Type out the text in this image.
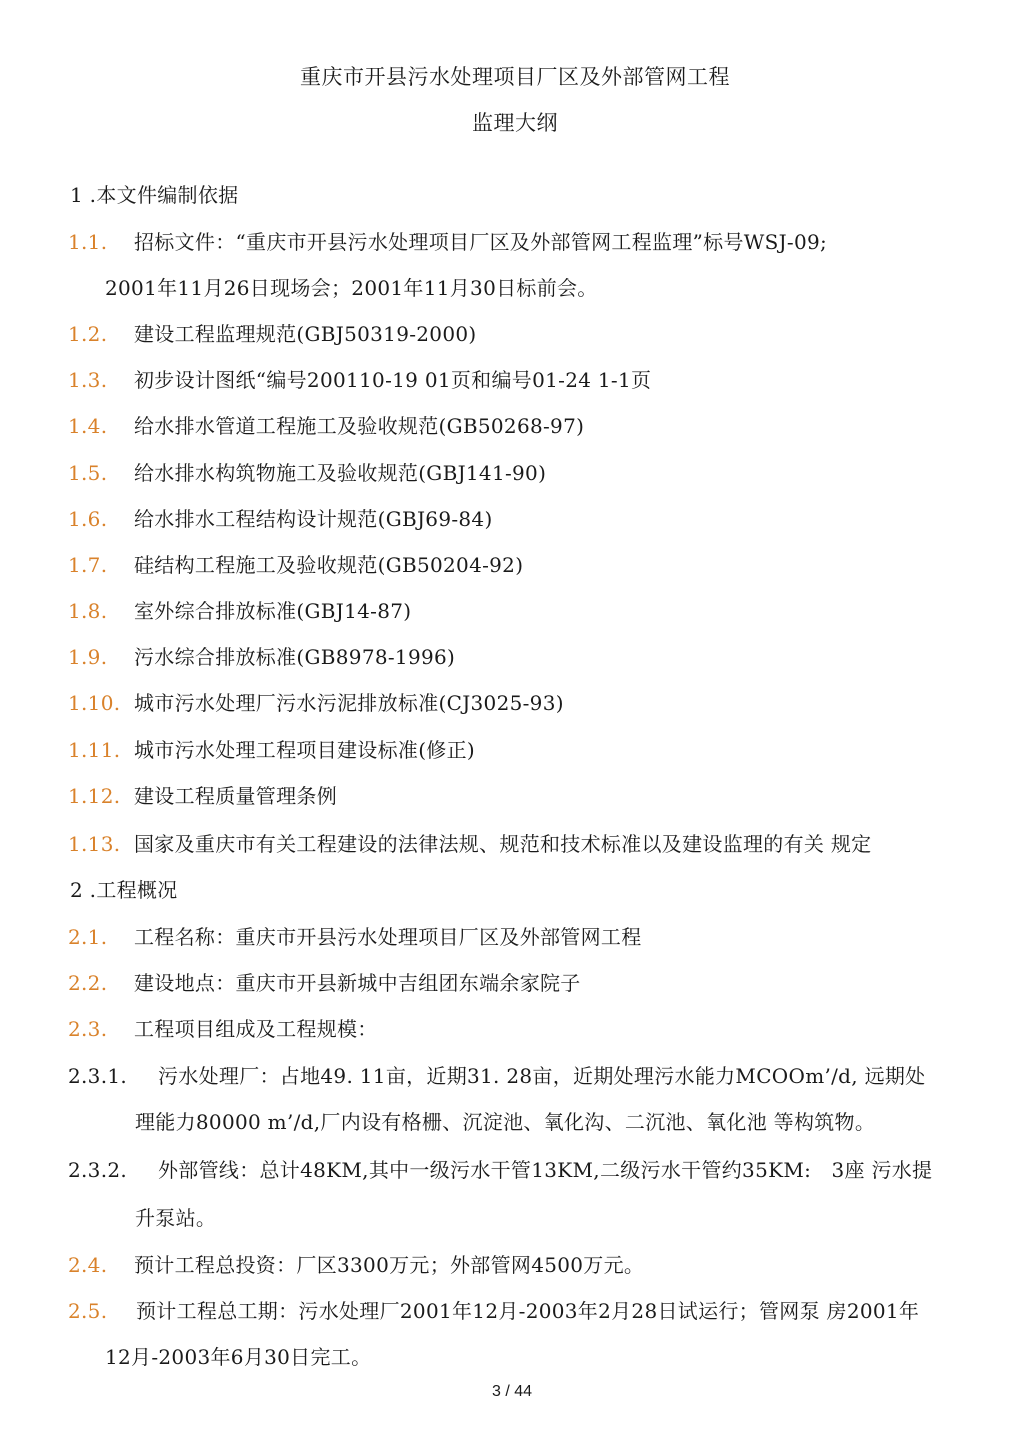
重庆市开县污水处理项目厂区及外部管网工程
监理大纲
1 .本文件编制依据
1.1. 招标文件：“重庆市开县污水处理项目厂区及外部管网工程监理”标号WSJ-09;
2001年11月26日现场会；2001年11月30日标前会。
1.2. 建设工程监理规范(GBJ50319-2000)
1.3. 初步设计图纸“编号200110-19 01页和编号01-24 1-1页
1.4. 给水排水管道工程施工及验收规范(GB50268-97)
1.5. 给水排水构筑物施工及验收规范(GBJ141-90)
1.6. 给水排水工程结构设计规范(GBJ69-84)
1.7. 硅结构工程施工及验收规范(GB50204-92)
1.8. 室外综合排放标准(GBJ14-87)
1.9. 污水综合排放标准(GB8978-1996)
1.10. 城市污水处理厂污水污泥排放标准(CJ3025-93)
1.11. 城市污水处理工程项目建设标准(修正)
1.12. 建设工程质量管理条例
1.13. 国家及重庆市有关工程建设的法律法规、规范和技术标准以及建设监理的有关 规定
2 .工程概况
2.1. 工程名称：重庆市开县污水处理项目厂区及外部管网工程
2.2. 建设地点：重庆市开县新城中吉组团东端余家院子
2.3. 工程项目组成及工程规模：
2.3.1. 污水处理厂：占地49. 11亩，近期31. 28亩，近期处理污水能力MCOOm’/d, 远期处
理能力80000 m’/d,厂内设有格栅、沉淀池、氧化沟、二沉池、氧化池 等构筑物。
2.3.2. 外部管线：总计48KM,其中一级污水干管13KM,二级污水干管约35KM:　3座 污水提
升泵站。
2.4. 预计工程总投资：厂区3300万元；外部管网4500万元。
2.5. 预计工程总工期：污水处理厂2001年12月-2003年2月28日试运行；管网泵 房2001年
12月-2003年6月30日完工。
3 / 44
